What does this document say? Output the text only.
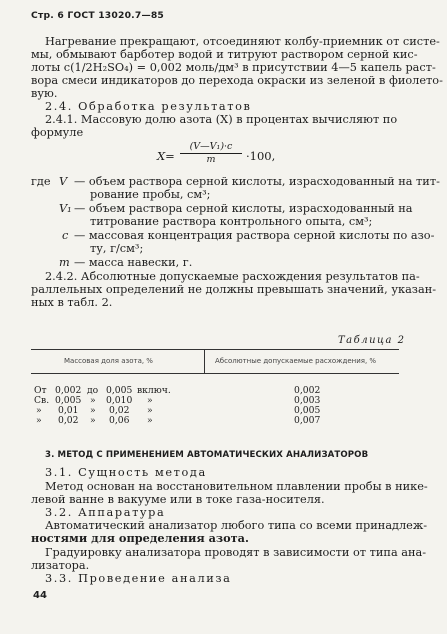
Стр. 6 ГОСТ 13020.7—85
Нагревание прекращают, отсоединяют колбу-приемник от систе-
мы, обмывают барботер водой и титруют раствором серной кис-
лоты c(1/2H₂SO₄) = 0,002 моль/дм³ в присутствии 4—5 капель раст-
вора смеси индикаторов до перехода окраски из зеленой в фиолето-
вую.
2.4. Обработка результатов
2.4.1. Массовую долю азота (X) в процентах вычисляют по
формуле
$X= \frac{\text{(V—V₁)·c}}{m} \cdot 100$,
где V — объем раствора серной кислоты, израсходованный на тит-
рование пробы, см³;
V₁ — объем раствора серной кислоты, израсходованный на
титрование раствора контрольного опыта, см³;
c — массовая концентрация раствора серной кислоты по азо-
ту, г/см³;
m — масса навески, г.
2.4.2. Абсолютные допускаемые расхождения результатов па-
раллельных определений не должны превышать значений, указан-
ных в табл. 2.
Таблица 2
Массовая доля азота, %	Абсолютные допускаемые расхождения, %
От 0,002 до 0,005 включ.	0,002
Св. 0,005 » 0,010 »	0,003
» 0,01 » 0,02 »	0,005
» 0,02 » 0,06 »	0,007
3. МЕТОД С ПРИМЕНЕНИЕМ АВТОМАТИЧЕСКИХ АНАЛИЗАТОРОВ
3.1. Сущность метода
Метод основан на восстановительном плавлении пробы в никe-
левой ванне в вакууме или в токе газа-носителя.
3.2. Аппаратура
Автоматический анализатор любого типа со всеми принадлеж-
ностями для определения азота.
Градуировку анализатора проводят в зависимости от типа ана-
лизатора.
3.3. Проведение анализа
44
